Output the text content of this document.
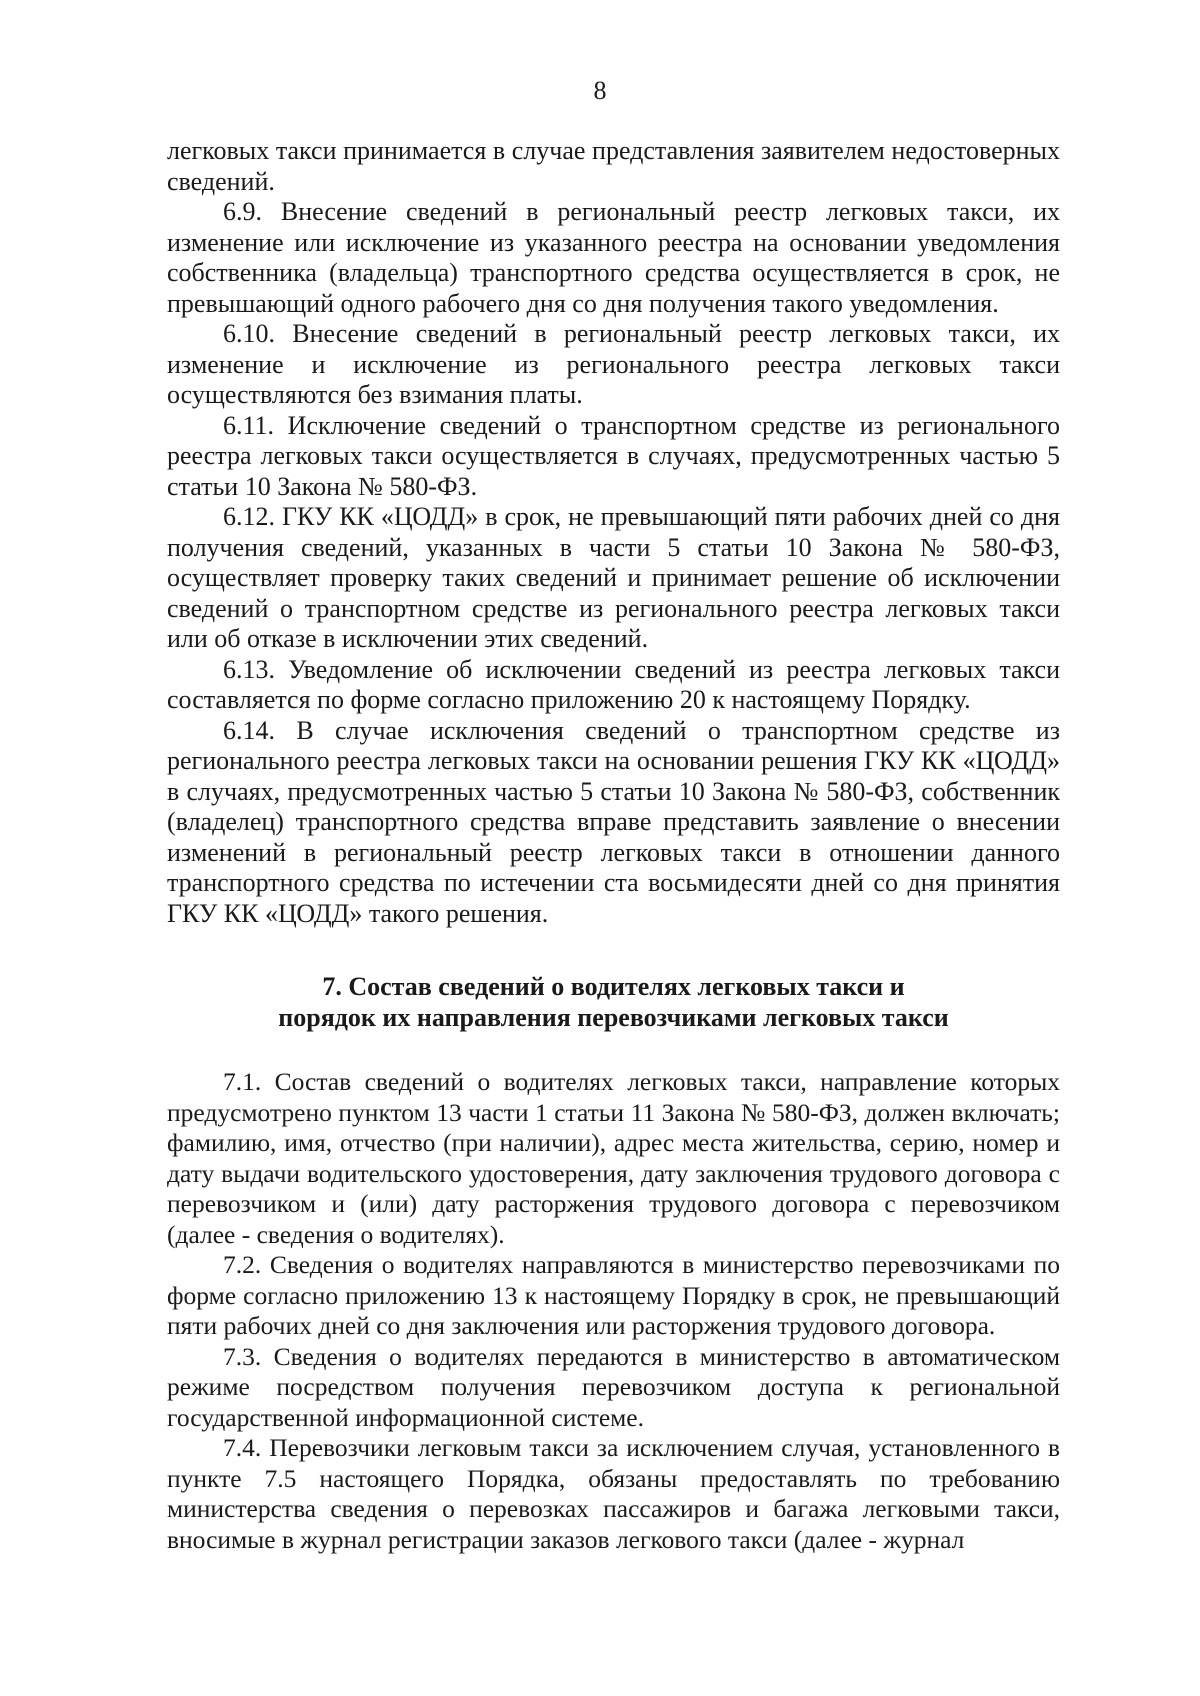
8

легковых такси принимается в случае представления заявителем недостоверных сведений.

6.9. Внесение сведений в региональный реестр легковых такси, их изменение или исключение из указанного реестра на основании уведомления собственника (владельца) транспортного средства осуществляется в срок, не превышающий одного рабочего дня со дня получения такого уведомления.

6.10. Внесение сведений в региональный реестр легковых такси, их изменение и исключение из регионального реестра легковых такси осуществляются без взимания платы.

6.11. Исключение сведений о транспортном средстве из регионального реестра легковых такси осуществляется в случаях, предусмотренных частью 5 статьи 10 Закона № 580-ФЗ.

6.12. ГКУ КК «ЦОДД» в срок, не превышающий пяти рабочих дней со дня получения сведений, указанных в части 5 статьи 10 Закона № 580-ФЗ, осуществляет проверку таких сведений и принимает решение об исключении сведений о транспортном средстве из регионального реестра легковых такси или об отказе в исключении этих сведений.

6.13. Уведомление об исключении сведений из реестра легковых такси составляется по форме согласно приложению 20 к настоящему Порядку.

6.14. В случае исключения сведений о транспортном средстве из регионального реестра легковых такси на основании решения ГКУ КК «ЦОДД» в случаях, предусмотренных частью 5 статьи 10 Закона № 580-ФЗ, собственник (владелец) транспортного средства вправе представить заявление о внесении изменений в региональный реестр легковых такси в отношении данного транспортного средства по истечении ста восьмидесяти дней со дня принятия ГКУ КК «ЦОДД» такого решения.

7. Состав сведений о водителях легковых такси и
порядок их направления перевозчиками легковых такси

7.1. Состав сведений о водителях легковых такси, направление которых предусмотрено пунктом 13 части 1 статьи 11 Закона № 580-ФЗ, должен включать; фамилию, имя, отчество (при наличии), адрес места жительства, серию, номер и дату выдачи водительского удостоверения, дату заключения трудового договора с перевозчиком и (или) дату расторжения трудового договора с перевозчиком (далее - сведения о водителях).

7.2. Сведения о водителях направляются в министерство перевозчиками по форме согласно приложению 13 к настоящему Порядку в срок, не превышающий пяти рабочих дней со дня заключения или расторжения трудового договора.

7.3. Сведения о водителях передаются в министерство в автоматическом режиме посредством получения перевозчиком доступа к региональной государственной информационной системе.

7.4. Перевозчики легковым такси за исключением случая, установленного в пункте 7.5 настоящего Порядка, обязаны предоставлять по требованию министерства сведения о перевозках пассажиров и багажа легковыми такси, вносимые в журнал регистрации заказов легкового такси (далее - журнал
